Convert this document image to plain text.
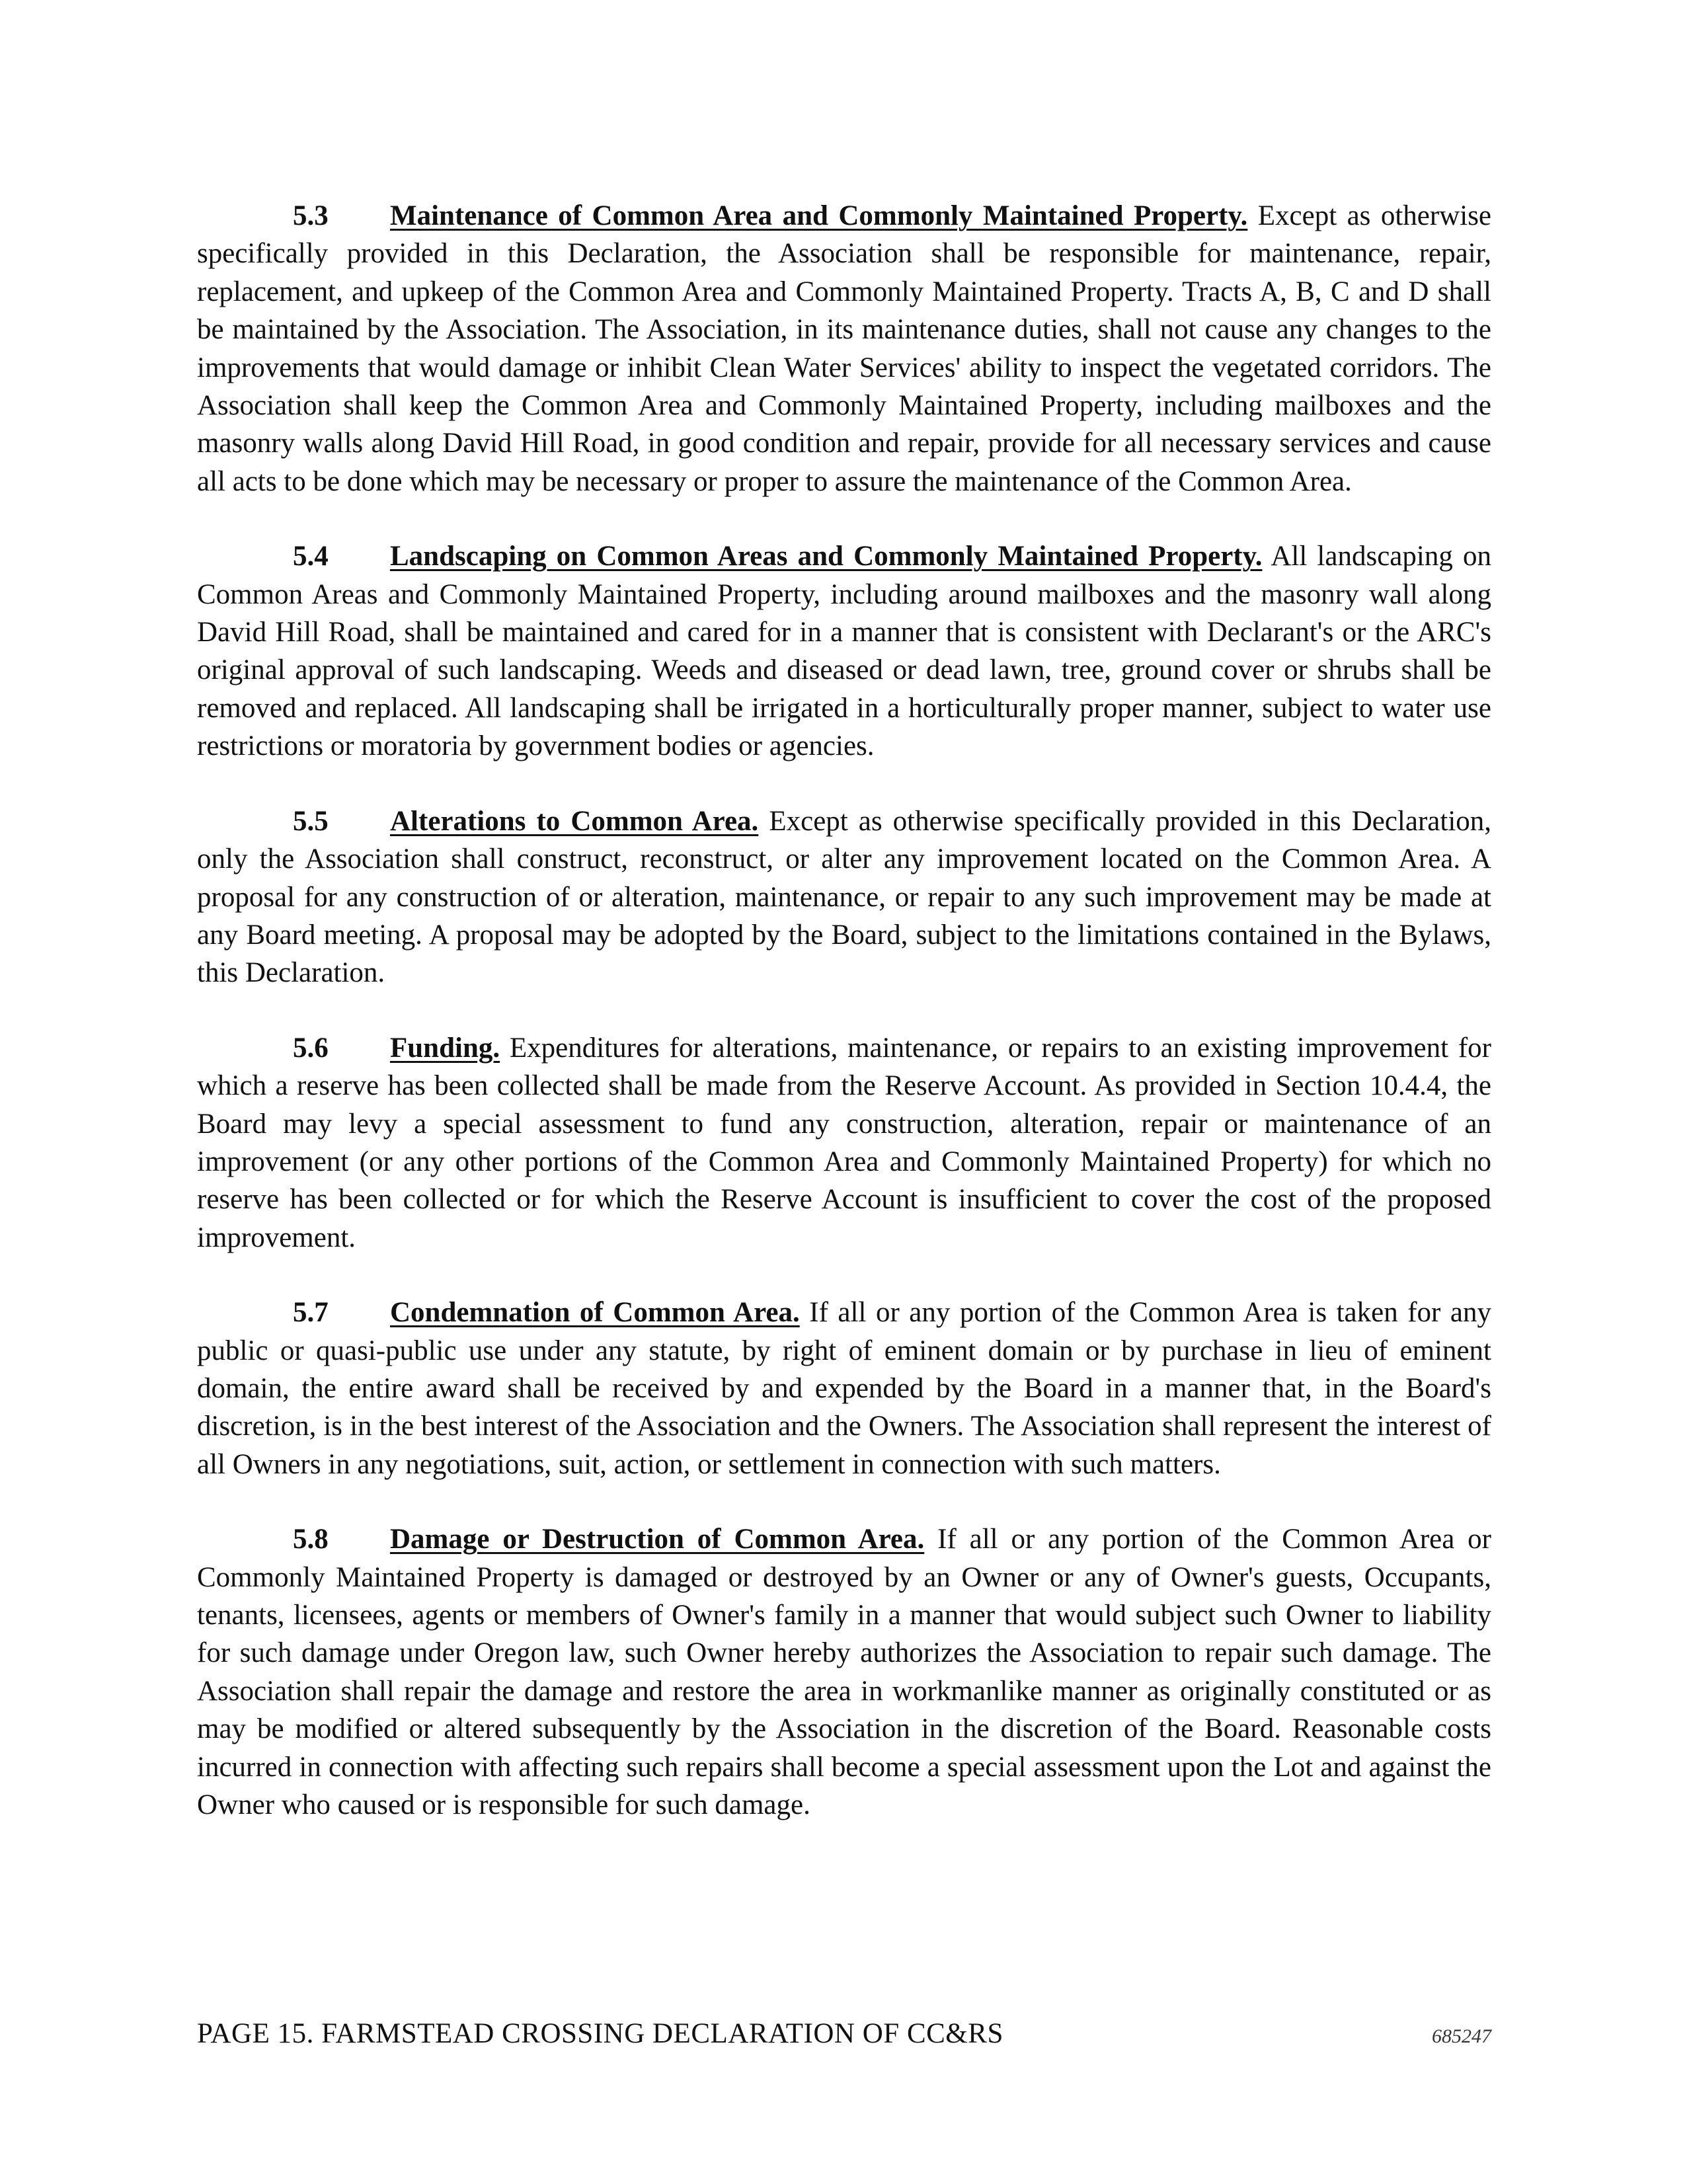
5.3 Maintenance of Common Area and Commonly Maintained Property. Except as otherwise specifically provided in this Declaration, the Association shall be responsible for maintenance, repair, replacement, and upkeep of the Common Area and Commonly Maintained Property. Tracts A, B, C and D shall be maintained by the Association. The Association, in its maintenance duties, shall not cause any changes to the improvements that would damage or inhibit Clean Water Services' ability to inspect the vegetated corridors. The Association shall keep the Common Area and Commonly Maintained Property, including mailboxes and the masonry walls along David Hill Road, in good condition and repair, provide for all necessary services and cause all acts to be done which may be necessary or proper to assure the maintenance of the Common Area.

5.4 Landscaping on Common Areas and Commonly Maintained Property. All landscaping on Common Areas and Commonly Maintained Property, including around mailboxes and the masonry wall along David Hill Road, shall be maintained and cared for in a manner that is consistent with Declarant's or the ARC's original approval of such landscaping. Weeds and diseased or dead lawn, tree, ground cover or shrubs shall be removed and replaced. All landscaping shall be irrigated in a horticulturally proper manner, subject to water use restrictions or moratoria by government bodies or agencies.

5.5 Alterations to Common Area. Except as otherwise specifically provided in this Declaration, only the Association shall construct, reconstruct, or alter any improvement located on the Common Area. A proposal for any construction of or alteration, maintenance, or repair to any such improvement may be made at any Board meeting. A proposal may be adopted by the Board, subject to the limitations contained in the Bylaws, this Declaration.

5.6 Funding. Expenditures for alterations, maintenance, or repairs to an existing improvement for which a reserve has been collected shall be made from the Reserve Account. As provided in Section 10.4.4, the Board may levy a special assessment to fund any construction, alteration, repair or maintenance of an improvement (or any other portions of the Common Area and Commonly Maintained Property) for which no reserve has been collected or for which the Reserve Account is insufficient to cover the cost of the proposed improvement.

5.7 Condemnation of Common Area. If all or any portion of the Common Area is taken for any public or quasi-public use under any statute, by right of eminent domain or by purchase in lieu of eminent domain, the entire award shall be received by and expended by the Board in a manner that, in the Board's discretion, is in the best interest of the Association and the Owners. The Association shall represent the interest of all Owners in any negotiations, suit, action, or settlement in connection with such matters.

5.8 Damage or Destruction of Common Area. If all or any portion of the Common Area or Commonly Maintained Property is damaged or destroyed by an Owner or any of Owner's guests, Occupants, tenants, licensees, agents or members of Owner's family in a manner that would subject such Owner to liability for such damage under Oregon law, such Owner hereby authorizes the Association to repair such damage. The Association shall repair the damage and restore the area in workmanlike manner as originally constituted or as may be modified or altered subsequently by the Association in the discretion of the Board. Reasonable costs incurred in connection with affecting such repairs shall become a special assessment upon the Lot and against the Owner who caused or is responsible for such damage.

PAGE 15. FARMSTEAD CROSSING DECLARATION OF CC&RS	685247
